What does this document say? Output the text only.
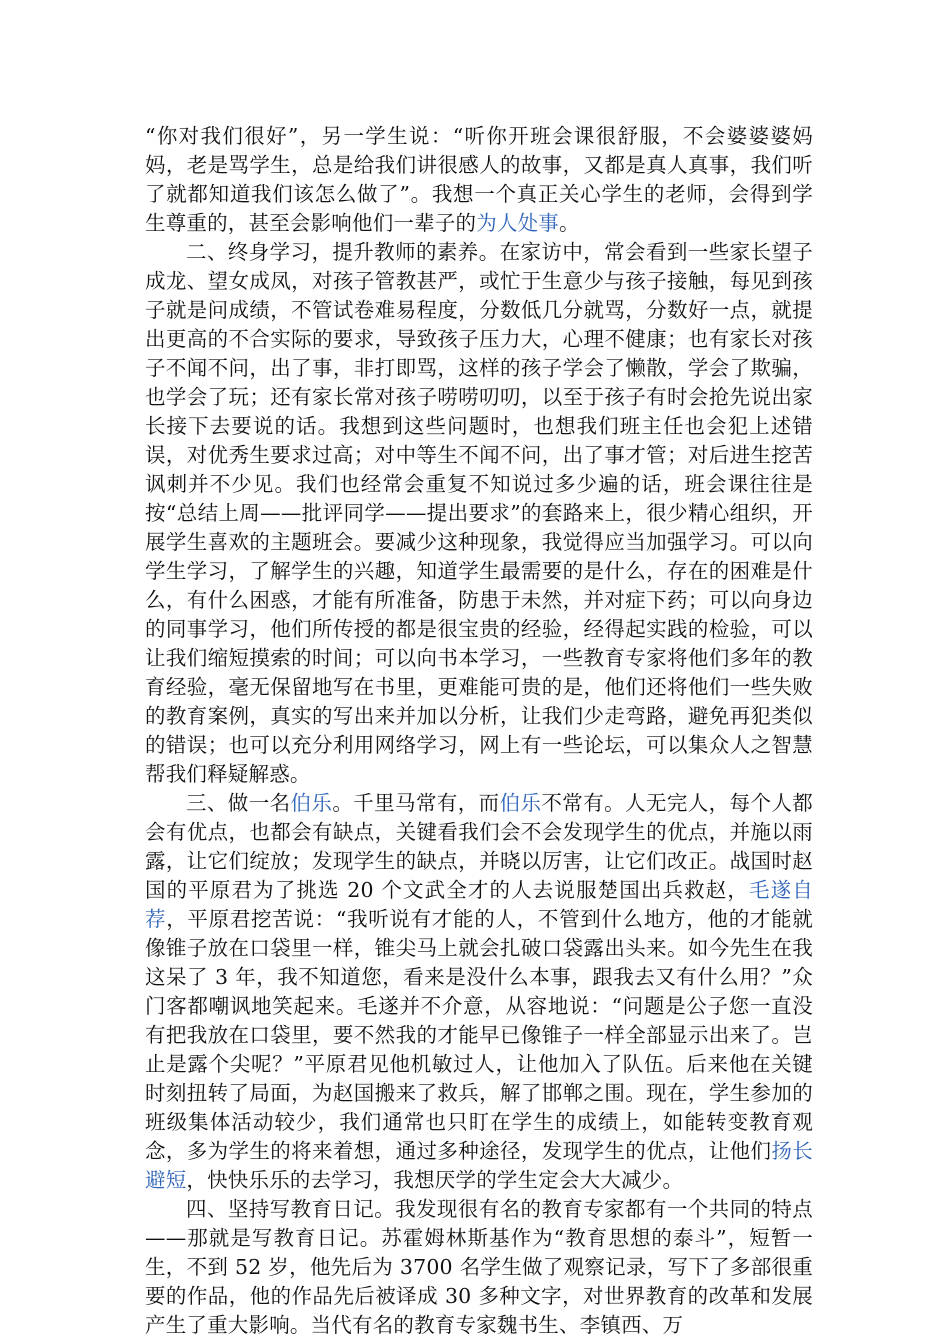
“你对我们很好”，另一学生说：“听你开班会课很舒服，不会婆婆婆妈妈，老是骂学生，总是给我们讲很感人的故事，又都是真人真事，我们听了就都知道我们该怎么做了”。我想一个真正关心学生的老师，会得到学生尊重的，甚至会影响他们一辈子的为人处事。

二、终身学习，提升教师的素养。在家访中，常会看到一些家长望子成龙、望女成凤，对孩子管教甚严，或忙于生意少与孩子接触，每见到孩子就是问成绩，不管试卷难易程度，分数低几分就骂，分数好一点，就提出更高的不合实际的要求，导致孩子压力大，心理不健康；也有家长对孩子不闻不问，出了事，非打即骂，这样的孩子学会了懒散，学会了欺骗，也学会了玩；还有家长常对孩子唠唠叨叨，以至于孩子有时会抢先说出家长接下去要说的话。我想到这些问题时，也想我们班主任也会犯上述错误，对优秀生要求过高；对中等生不闻不问，出了事才管；对后进生挖苦讽刺并不少见。我们也经常会重复不知说过多少遍的话，班会课往往是按“总结上周——批评同学——提出要求”的套路来上，很少精心组织，开展学生喜欢的主题班会。要减少这种现象，我觉得应当加强学习。可以向学生学习，了解学生的兴趣，知道学生最需要的是什么，存在的困难是什么，有什么困惑，才能有所准备，防患于未然，并对症下药；可以向身边的同事学习，他们所传授的都是很宝贵的经验，经得起实践的检验，可以让我们缩短摸索的时间；可以向书本学习，一些教育专家将他们多年的教育经验，毫无保留地写在书里，更难能可贵的是，他们还将他们一些失败的教育案例，真实的写出来并加以分析，让我们少走弯路，避免再犯类似的错误；也可以充分利用网络学习，网上有一些论坛，可以集众人之智慧帮我们释疑解惑。

三、做一名伯乐。千里马常有，而伯乐不常有。人无完人，每个人都会有优点，也都会有缺点，关键看我们会不会发现学生的优点，并施以雨露，让它们绽放；发现学生的缺点，并晓以厉害，让它们改正。战国时赵国的平原君为了挑选 20 个文武全才的人去说服楚国出兵救赵，毛遂自荐，平原君挖苦说：“我听说有才能的人，不管到什么地方，他的才能就像锥子放在口袋里一样，锥尖马上就会扎破口袋露出头来。如今先生在我这呆了 3 年，我不知道您，看来是没什么本事，跟我去又有什么用？”众门客都嘲讽地笑起来。毛遂并不介意，从容地说：“问题是公子您一直没有把我放在口袋里，要不然我的才能早已像锥子一样全部显示出来了。岂止是露个尖呢？”平原君见他机敏过人，让他加入了队伍。后来他在关键时刻扭转了局面，为赵国搬来了救兵，解了邯郸之围。现在，学生参加的班级集体活动较少，我们通常也只盯在学生的成绩上，如能转变教育观念，多为学生的将来着想，通过多种途径，发现学生的优点，让他们扬长避短，快快乐乐的去学习，我想厌学的学生定会大大减少。

四、坚持写教育日记。我发现很有名的教育专家都有一个共同的特点——那就是写教育日记。苏霍姆林斯基作为“教育思想的泰斗”，短暂一生，不到 52 岁，他先后为 3700 名学生做了观察记录，写下了多部很重要的作品，他的作品先后被译成 30 多种文字，对世界教育的改革和发展产生了重大影响。当代有名的教育专家魏书生、李镇西、万
